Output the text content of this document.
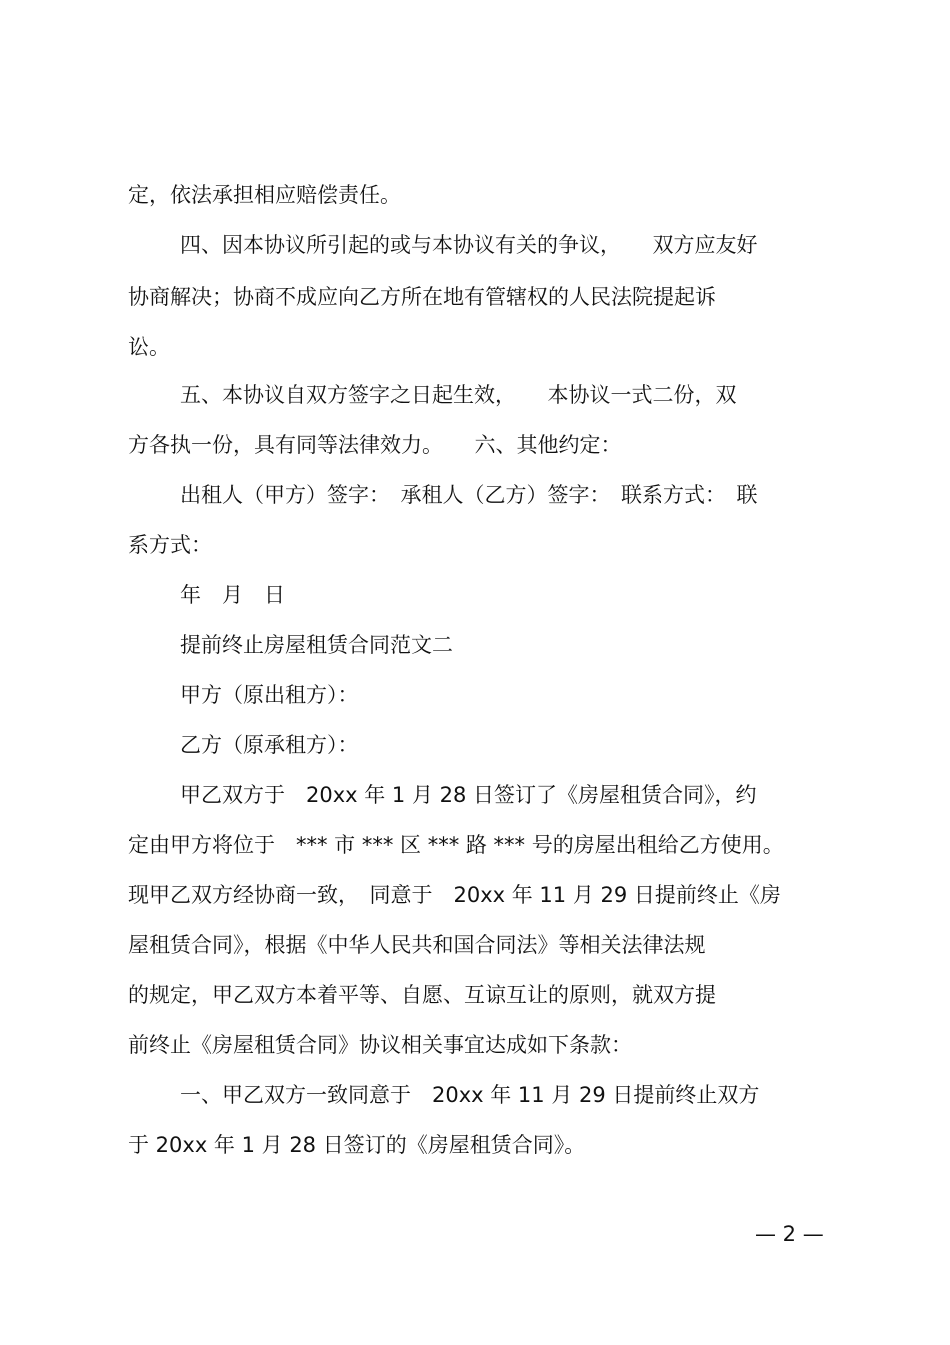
定，依法承担相应赔偿责任。
四、因本协议所引起的或与本协议有关的争议，　　双方应友好
协商解决；协商不成应向乙方所在地有管辖权的人民法院提起诉
讼。
五、本协议自双方签字之日起生效，　　本协议一式二份，双
方各执一份，具有同等法律效力。　　六、其他约定：
出租人（甲方）签字：　承租人（乙方）签字：　联系方式：　联
系方式：
年　月　日
提前终止房屋租赁合同范文二
甲方（原出租方）：
乙方（原承租方）：
甲乙双方于　20xx 年 1 月 28 日签订了《房屋租赁合同》，约
定由甲方将位于　*** 市 *** 区 *** 路 *** 号的房屋出租给乙方使用。
现甲乙双方经协商一致，　同意于　20xx 年 11 月 29 日提前终止《房
屋租赁合同》，根据《中华人民共和国合同法》等相关法律法规
的规定，甲乙双方本着平等、自愿、互谅互让的原则，就双方提
前终止《房屋租赁合同》协议相关事宜达成如下条款：
一、甲乙双方一致同意于　20xx 年 11 月 29 日提前终止双方
于 20xx 年 1 月 28 日签订的《房屋租赁合同》。
— 2 —
